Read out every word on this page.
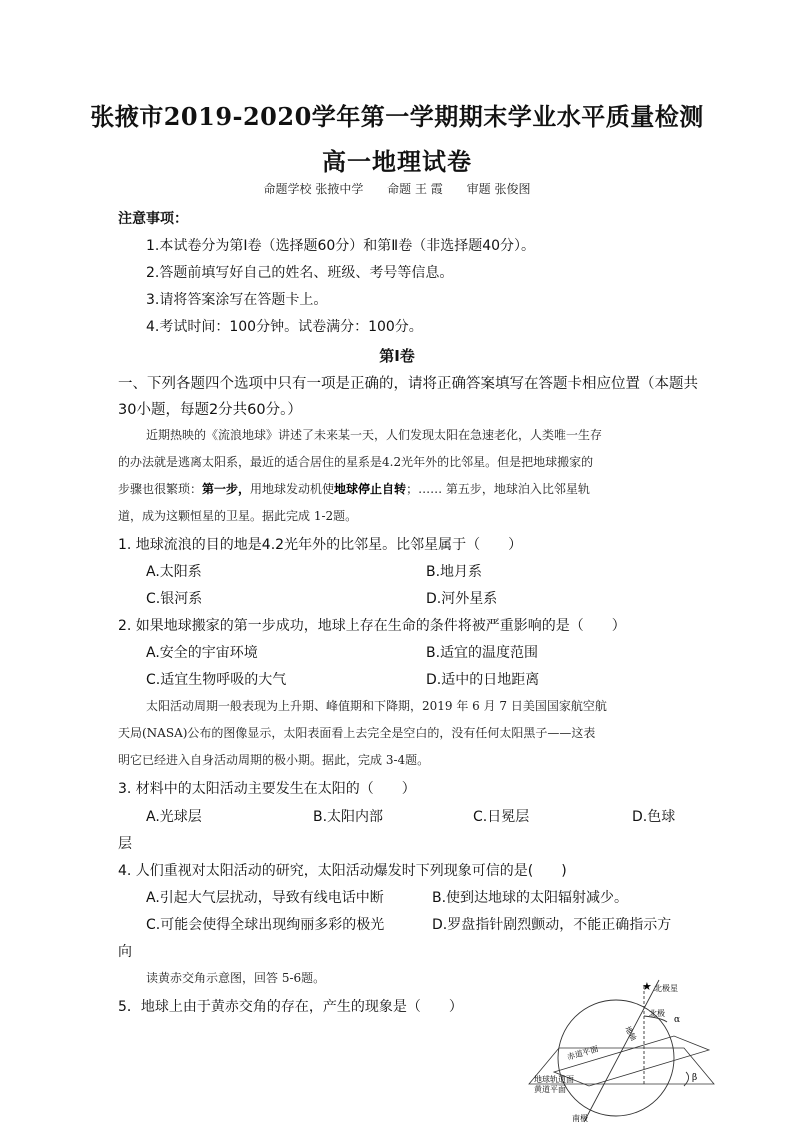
张掖市2019-2020学年第一学期期末学业水平质量检测
高一地理试卷
命题学校 张掖中学 命题 王 霞 审题 张俊图
注意事项：
1.本试卷分为第Ⅰ卷（选择题60分）和第Ⅱ卷（非选择题40分）。
2.答题前填写好自己的姓名、班级、考号等信息。
3.请将答案涂写在答题卡上。
4.考试时间：100分钟。试卷满分：100分。
第Ⅰ卷
一、下列各题四个选项中只有一项是正确的，请将正确答案填写在答题卡相应位置（本题共
30小题，每题2分共60分。）
近期热映的《流浪地球》讲述了未来某一天，人们发现太阳在急速老化，人类唯一生存
的办法就是逃离太阳系，最近的适合居住的星系是4.2光年外的比邻星。但是把地球搬家的
步骤也很繁琐：第一步，用地球发动机使地球停止自转；…… 第五步，地球泊入比邻星轨
道，成为这颗恒星的卫星。据此完成 1-2题。
1. 地球流浪的目的地是4.2光年外的比邻星。比邻星属于（　　）
A.太阳系	B.地月系
C.银河系	D.河外星系
2. 如果地球搬家的第一步成功，地球上存在生命的条件将被严重影响的是（　　）
A.安全的宇宙环境	B.适宜的温度范围
C.适宜生物呼吸的大气	D.适中的日地距离
太阳活动周期一般表现为上升期、峰值期和下降期，2019 年 6 月 7 日美国国家航空航
天局(NASA)公布的图像显示，太阳表面看上去完全是空白的，没有任何太阳黑子——这表
明它已经进入自身活动周期的极小期。据此，完成 3-4题。
3. 材料中的太阳活动主要发生在太阳的（　　）
A.光球层	B.太阳内部	C.日冕层	D.色球
层
4. 人们重视对太阳活动的研究，太阳活动爆发时下列现象可信的是(　　)
A.引起大气层扰动，导致有线电话中断	B.使到达地球的太阳辐射减少。
C.可能会使得全球出现绚丽多彩的极光	D.罗盘指针剧烈颤动，不能正确指示方
向
读黄赤交角示意图，回答 5-6题。
5．地球上由于黄赤交角的存在，产生的现象是（　　）
★ 北极星
北极
地轴
赤道平面
地球轨道面
黄道平面
南极
α
β
